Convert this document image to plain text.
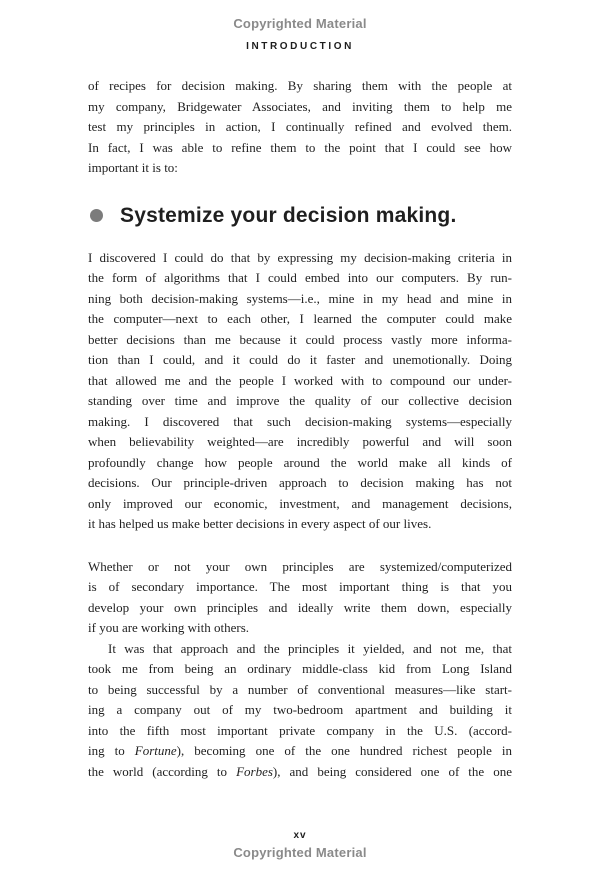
Copyrighted Material
INTRODUCTION
of recipes for decision making. By sharing them with the people at
my company, Bridgewater Associates, and inviting them to help me
test my principles in action, I continually refined and evolved them.
In fact, I was able to refine them to the point that I could see how
important it is to:
Systemize your decision making.
I discovered I could do that by expressing my decision-making criteria in
the form of algorithms that I could embed into our computers. By run-
ning both decision-making systems—i.e., mine in my head and mine in
the computer—next to each other, I learned the computer could make
better decisions than me because it could process vastly more informa-
tion than I could, and it could do it faster and unemotionally. Doing
that allowed me and the people I worked with to compound our under-
standing over time and improve the quality of our collective decision
making. I discovered that such decision-making systems—especially
when believability weighted—are incredibly powerful and will soon
profoundly change how people around the world make all kinds of
decisions. Our principle-driven approach to decision making has not
only improved our economic, investment, and management decisions,
it has helped us make better decisions in every aspect of our lives.
Whether or not your own principles are systemized/computerized
is of secondary importance. The most important thing is that you
develop your own principles and ideally write them down, especially
if you are working with others.
It was that approach and the principles it yielded, and not me, that
took me from being an ordinary middle-class kid from Long Island
to being successful by a number of conventional measures—like start-
ing a company out of my two-bedroom apartment and building it
into the fifth most important private company in the U.S. (accord-
ing to Fortune), becoming one of the one hundred richest people in
the world (according to Forbes), and being considered one of the one
xv
Copyrighted Material
